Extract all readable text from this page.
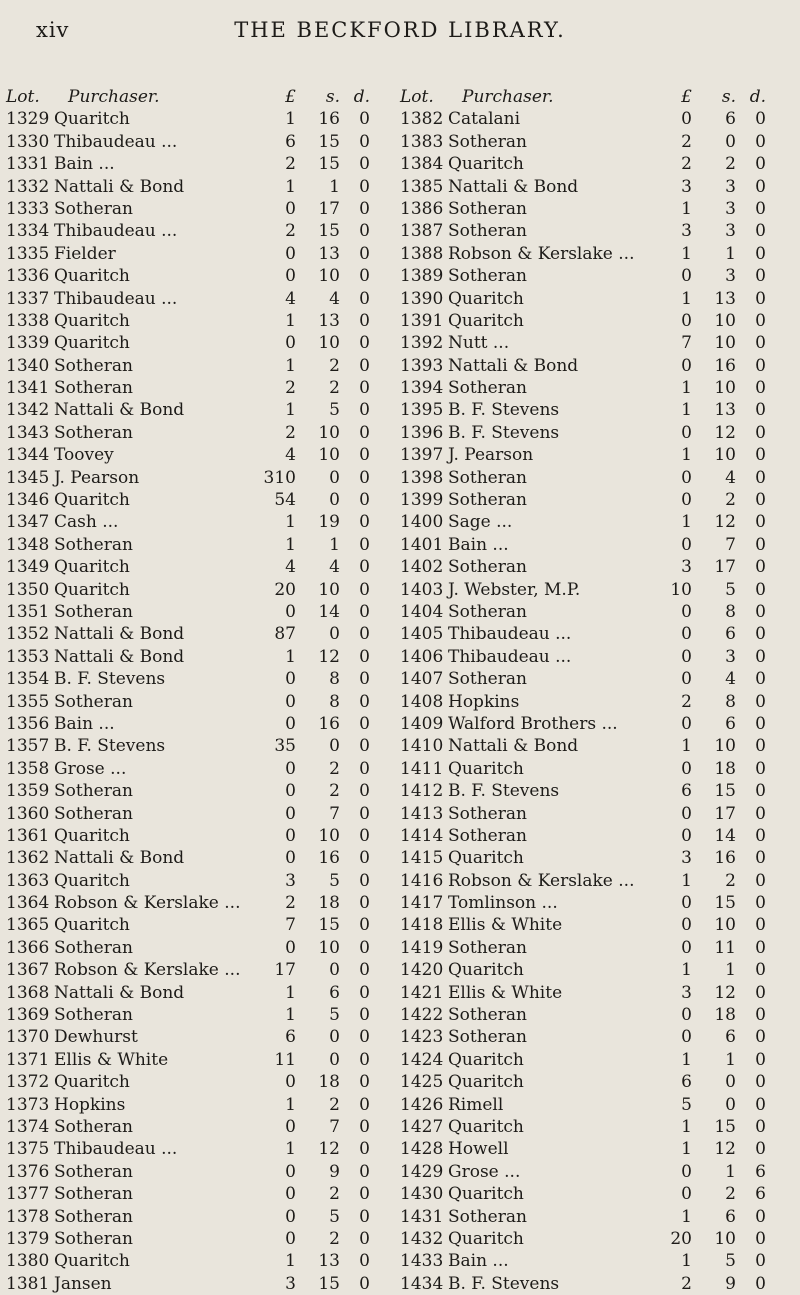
xiv	THE BECKFORD LIBRARY.
Lot.	Purchaser.	£	s. d.
1329 Quaritch	1	16	0
1330 Thibaudeau ...	6	15	0
1331 Bain ...	2	15	0
1332 Nattali & Bond	1	1	0
1333 Sotheran	0	17	0
1334 Thibaudeau ...	2	15	0
1335 Fielder	0	13	0
1336 Quaritch	0	10	0
1337 Thibaudeau ...	4	4	0
1338 Quaritch	1	13	0
1339 Quaritch	0	10	0
1340 Sotheran	1	2	0
1341 Sotheran	2	2	0
1342 Nattali & Bond	1	5	0
1343 Sotheran	2	10	0
1344 Toovey	4	10	0
1345 J. Pearson	310	0	0
1346 Quaritch	54	0	0
1347 Cash ...	1	19	0
1348 Sotheran	1	1	0
1349 Quaritch	4	4	0
1350 Quaritch	20	10	0
1351 Sotheran	0	14	0
1352 Nattali & Bond	87	0	0
1353 Nattali & Bond	1	12	0
1354 B. F. Stevens	0	8	0
1355 Sotheran	0	8	0
1356 Bain ...	0	16	0
1357 B. F. Stevens	35	0	0
1358 Grose ...	0	2	0
1359 Sotheran	0	2	0
1360 Sotheran	0	7	0
1361 Quaritch	0	10	0
1362 Nattali & Bond	0	16	0
1363 Quaritch	3	5	0
1364 Robson & Kerslake ...	2	18	0
1365 Quaritch	7	15	0
1366 Sotheran	0	10	0
1367 Robson & Kerslake ...	17	0	0
1368 Nattali & Bond	1	6	0
1369 Sotheran	1	5	0
1370 Dewhurst	6	0	0
1371 Ellis & White	11	0	0
1372 Quaritch	0	18	0
1373 Hopkins	1	2	0
1374 Sotheran	0	7	0
1375 Thibaudeau ...	1	12	0
1376 Sotheran	0	9	0
1377 Sotheran	0	2	0
1378 Sotheran	0	5	0
1379 Sotheran	0	2	0
1380 Quaritch	1	13	0
1381 Jansen	3	15	0
Lot.	Purchaser.	£	s. d.
1382 Catalani	0	6	0
1383 Sotheran	2	0	0
1384 Quaritch	2	2	0
1385 Nattali & Bond	3	3	0
1386 Sotheran	1	3	0
1387 Sotheran	3	3	0
1388 Robson & Kerslake ...	1	1	0
1389 Sotheran	0	3	0
1390 Quaritch	1	13	0
1391 Quaritch	0	10	0
1392 Nutt ...	7	10	0
1393 Nattali & Bond	0	16	0
1394 Sotheran	1	10	0
1395 B. F. Stevens	1	13	0
1396 B. F. Stevens	0	12	0
1397 J. Pearson	1	10	0
1398 Sotheran	0	4	0
1399 Sotheran	0	2	0
1400 Sage ...	1	12	0
1401 Bain ...	0	7	0
1402 Sotheran	3	17	0
1403 J. Webster, M.P.	10	5	0
1404 Sotheran	0	8	0
1405 Thibaudeau ...	0	6	0
1406 Thibaudeau ...	0	3	0
1407 Sotheran	0	4	0
1408 Hopkins	2	8	0
1409 Walford Brothers ...	0	6	0
1410 Nattali & Bond	1	10	0
1411 Quaritch	0	18	0
1412 B. F. Stevens	6	15	0
1413 Sotheran	0	17	0
1414 Sotheran	0	14	0
1415 Quaritch	3	16	0
1416 Robson & Kerslake ...	1	2	0
1417 Tomlinson ...	0	15	0
1418 Ellis & White	0	10	0
1419 Sotheran	0	11	0
1420 Quaritch	1	1	0
1421 Ellis & White	3	12	0
1422 Sotheran	0	18	0
1423 Sotheran	0	6	0
1424 Quaritch	1	1	0
1425 Quaritch	6	0	0
1426 Rimell	5	0	0
1427 Quaritch	1	15	0
1428 Howell	1	12	0
1429 Grose ...	0	1	6
1430 Quaritch	0	2	6
1431 Sotheran	1	6	0
1432 Quaritch	20	10	0
1433 Bain ...	1	5	0
1434 B. F. Stevens	2	9	0
